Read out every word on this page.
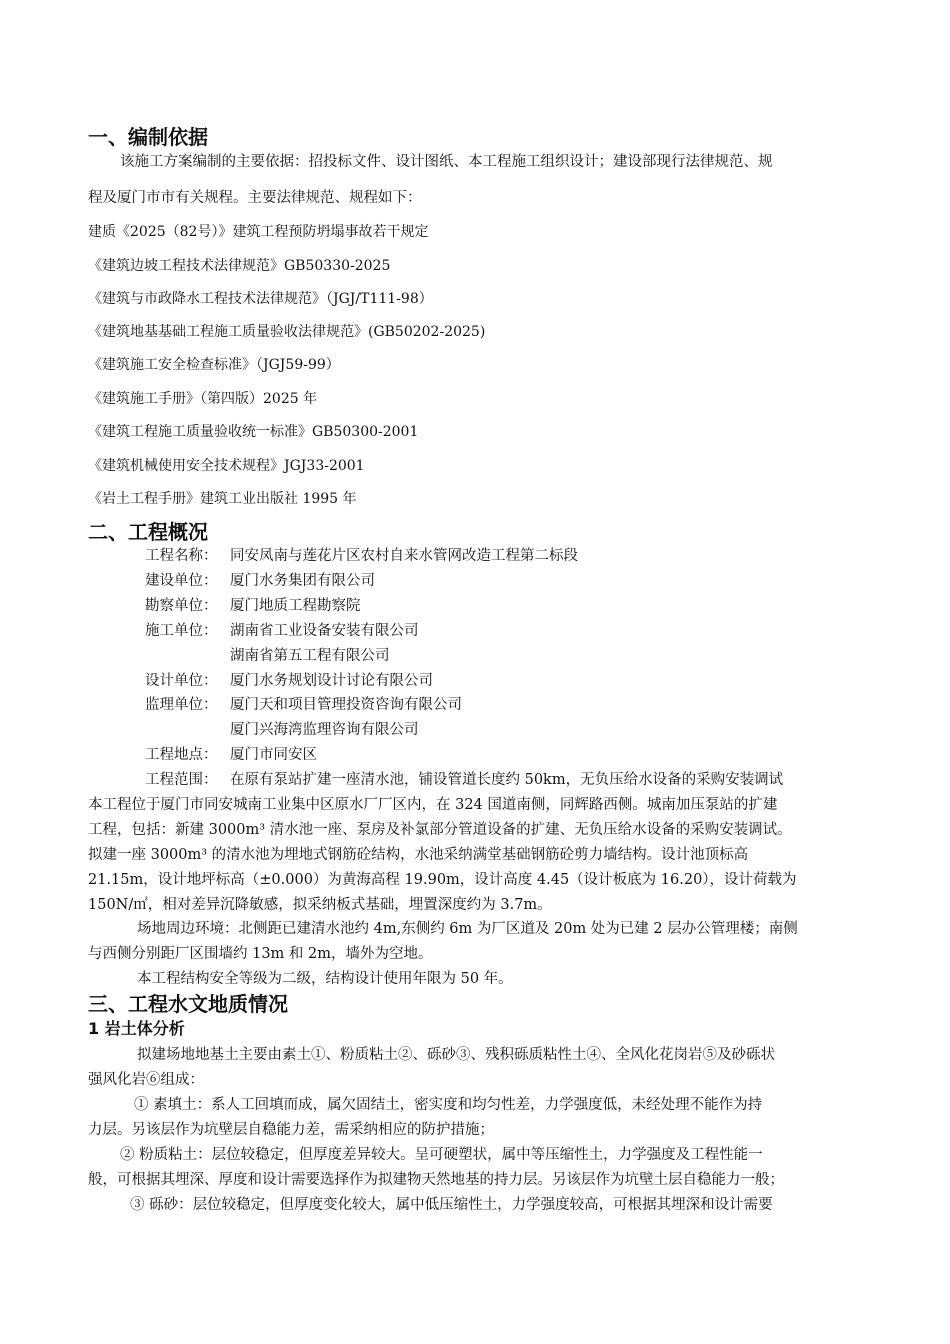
一、编制依据
该施工方案编制的主要依据：招投标文件、设计图纸、本工程施工组织设计；建设部现行法律规范、规
程及厦门市市有关规程。主要法律规范、规程如下：
建质《2025（82号）》建筑工程预防坍塌事故若干规定
《建筑边坡工程技术法律规范》GB50330-2025
《建筑与市政降水工程技术法律规范》（JGJ/T111-98）
《建筑地基基础工程施工质量验收法律规范》(GB50202-2025)
《建筑施工安全检查标准》（JGJ59-99）
《建筑施工手册》（第四版）2025 年
《建筑工程施工质量验收统一标准》GB50300-2001
《建筑机械使用安全技术规程》JGJ33-2001
《岩土工程手册》建筑工业出版社 1995 年
二、工程概况
工程名称： 同安凤南与莲花片区农村自来水管网改造工程第二标段
建设单位： 厦门水务集团有限公司
勘察单位： 厦门地质工程勘察院
施工单位： 湖南省工业设备安装有限公司
湖南省第五工程有限公司
设计单位： 厦门水务规划设计讨论有限公司
监理单位： 厦门天和项目管理投资咨询有限公司
厦门兴海湾监理咨询有限公司
工程地点： 厦门市同安区
工程范围： 在原有泵站扩建一座清水池，铺设管道长度约 50km，无负压给水设备的采购安装调试
本工程位于厦门市同安城南工业集中区原水厂厂区内，在 324 国道南侧，同辉路西侧。城南加压泵站的扩建
工程，包括：新建 3000m³ 清水池一座、泵房及补氯部分管道设备的扩建、无负压给水设备的采购安装调试。
拟建一座 3000m³ 的清水池为埋地式钢筋砼结构，水池采纳满堂基础钢筋砼剪力墙结构。设计池顶标高
21.15m，设计地坪标高（±0.000）为黄海高程 19.90m，设计高度 4.45（设计板底为 16.20），设计荷载为
150N/㎡，相对差异沉降敏感，拟采纳板式基础，埋置深度约为 3.7m。
场地周边环境：北侧距已建清水池约 4m,东侧约 6m 为厂区道及 20m 处为已建 2 层办公管理楼；南侧
与西侧分别距厂区围墙约 13m 和 2m，墙外为空地。
本工程结构安全等级为二级，结构设计使用年限为 50 年。
三、工程水文地质情况
1 岩土体分析
拟建场地地基土主要由素土①、粉质粘土②、砾砂③、残积砾质粘性土④、全风化花岗岩⑤及砂砾状
强风化岩⑥组成：
① 素填土：系人工回填而成，属欠固结土，密实度和均匀性差，力学强度低，未经处理不能作为持
力层。另该层作为坑壁层自稳能力差，需采纳相应的防护措施；
② 粉质粘土：层位较稳定，但厚度差异较大。呈可硬塑状，属中等压缩性土，力学强度及工程性能一
般，可根据其埋深、厚度和设计需要选择作为拟建物天然地基的持力层。另该层作为坑壁土层自稳能力一般；
③ 砾砂：层位较稳定，但厚度变化较大，属中低压缩性土，力学强度较高，可根据其埋深和设计需要
